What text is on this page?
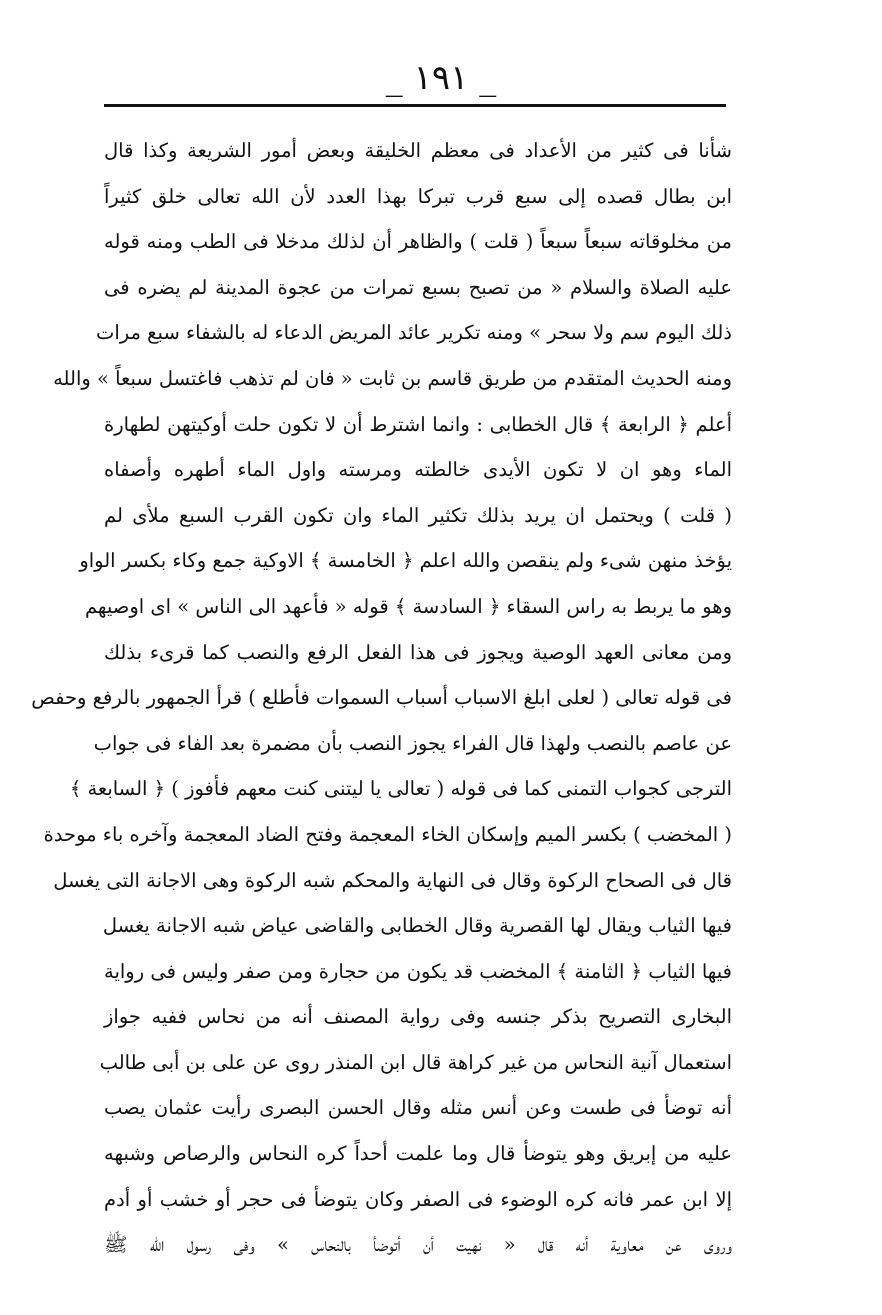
_ ١٩١ _
شأنا فى كثير من الأعداد فى معظم الخليقة وبعض أمور الشريعة وكذا قال
ابن بطال قصده إلى سبع قرب تبركا بهذا العدد لأن الله تعالى خلق كثيراً
من مخلوقاته سبعاً سبعاً ( قلت ) والظاهر أن لذلك مدخلا فى الطب ومنه قوله
عليه الصلاة والسلام « من تصبح بسبع تمرات من عجوة المدينة لم يضره فى
ذلك اليوم سم ولا سحر » ومنه تكرير عائد المريض الدعاء له بالشفاء سبع مرات
ومنه الحديث المتقدم من طريق قاسم بن ثابت « فان لم تذهب فاغتسل سبعاً » والله
أعلم ﴿ الرابعة ﴾ قال الخطابى : وانما اشترط أن لا تكون حلت أوكيتهن لطهارة
الماء وهو ان لا تكون الأيدى خالطته ومرسته واول الماء أطهره وأصفاه
( قلت ) ويحتمل ان يريد بذلك تكثير الماء وان تكون القرب السبع ملأى لم
يؤخذ منهن شىء ولم ينقصن والله اعلم ﴿ الخامسة ﴾ الاوكية جمع وكاء بكسر الواو
وهو ما يربط به راس السقاء ﴿ السادسة ﴾ قوله « فأعهد الى الناس » اى اوصيهم
ومن معانى العهد الوصية ويجوز فى هذا الفعل الرفع والنصب كما قرىء بذلك
فى قوله تعالى ( لعلى ابلغ الاسباب أسباب السموات فأطلع ) قرأ الجمهور بالرفع وحفص
عن عاصم بالنصب ولهذا قال الفراء يجوز النصب بأن مضمرة بعد الفاء فى جواب
الترجى كجواب التمنى كما فى قوله ( تعالى يا ليتنى كنت معهم فأفوز ) ﴿ السابعة ﴾
( المخضب ) بكسر الميم وإسكان الخاء المعجمة وفتح الضاد المعجمة وآخره باء موحدة
قال فى الصحاح الركوة وقال فى النهاية والمحكم شبه الركوة وهى الاجانة التى يغسل
فيها الثياب ويقال لها القصرية وقال الخطابى والقاضى عياض شبه الاجانة يغسل
فيها الثياب ﴿ الثامنة ﴾ المخضب قد يكون من حجارة ومن صفر وليس فى رواية
البخارى التصريح بذكر جنسه وفى رواية المصنف أنه من نحاس ففيه جواز
استعمال آنية النحاس من غير كراهة قال ابن المنذر روى عن على بن أبى طالب
أنه توضأ فى طست وعن أنس مثله وقال الحسن البصرى رأيت عثمان يصب
عليه من إبريق وهو يتوضأ قال وما علمت أحداً كره النحاس والرصاص وشبهه
إلا ابن عمر فانه كره الوضوء فى الصفر وكان يتوضأ فى حجر أو خشب أو أدم
وروى عن معاوية أنه قال « نهيت أن أتوضأ بالنحاس » وفى رسول الله ﷺ
